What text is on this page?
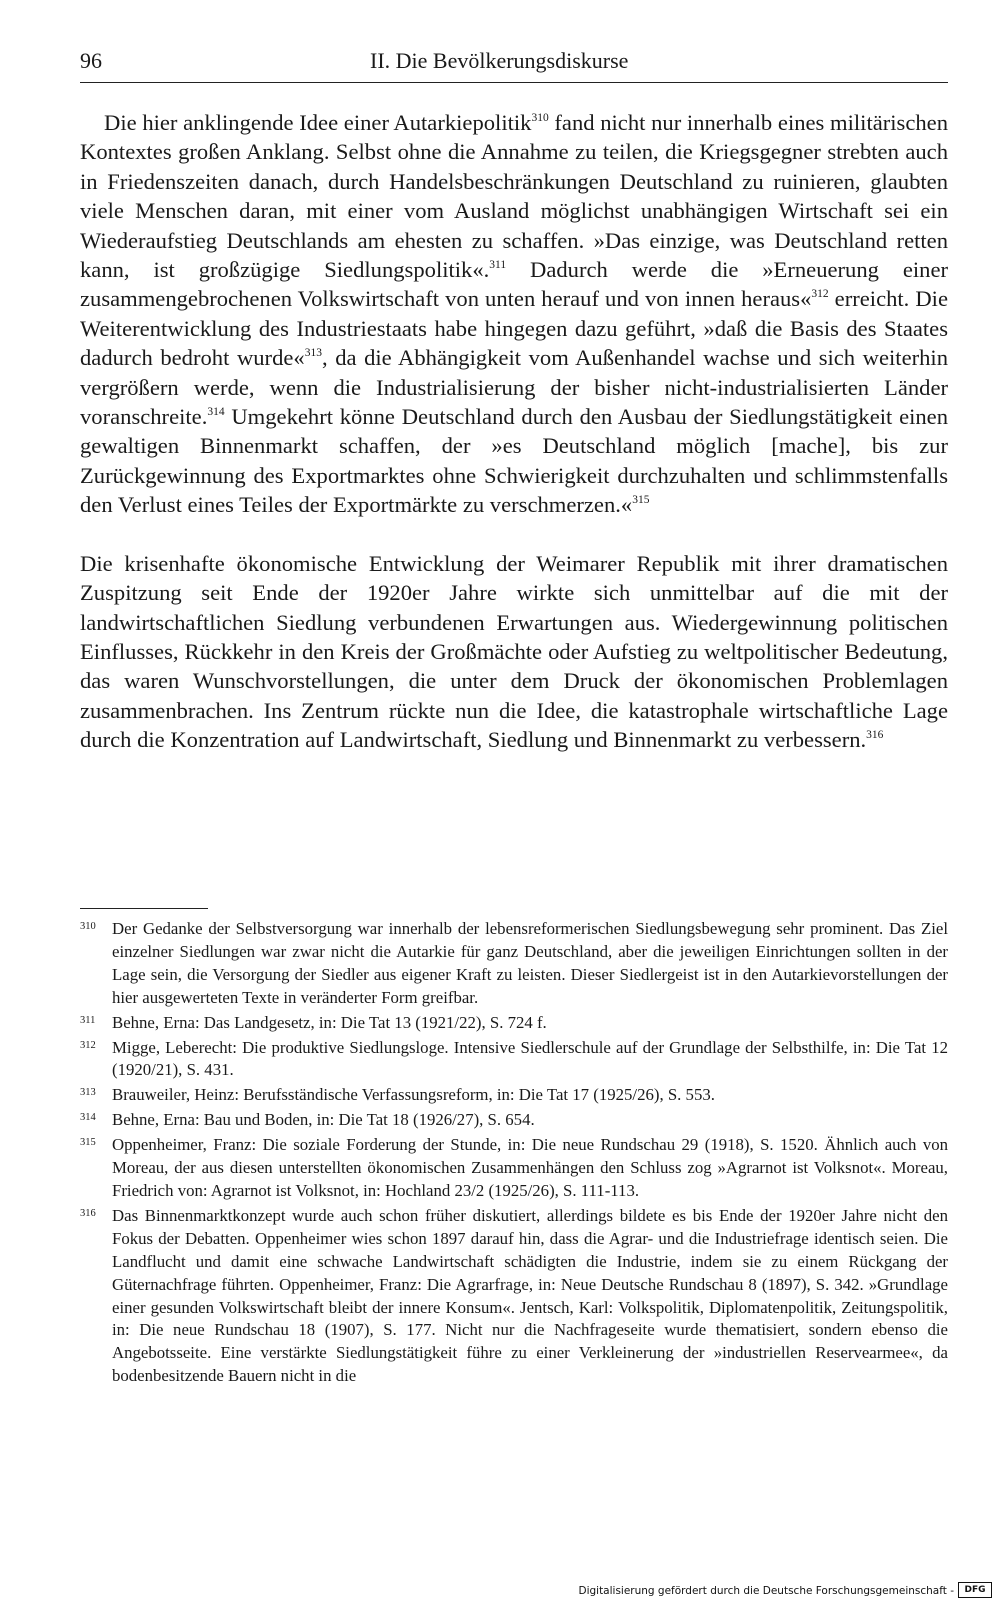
96	II. Die Bevölkerungsdiskurse

Die hier anklingende Idee einer Autarkiepolitik$^{310}$ fand nicht nur innerhalb eines militärischen Kontextes großen Anklang. Selbst ohne die Annahme zu teilen, die Kriegsgegner strebten auch in Friedenszeiten danach, durch Handelsbeschränkungen Deutschland zu ruinieren, glaubten viele Menschen daran, mit einer vom Ausland möglichst unabhängigen Wirtschaft sei ein Wiederaufstieg Deutschlands am ehesten zu schaffen. »Das einzige, was Deutschland retten kann, ist großzügige Siedlungspolitik«.$^{311}$ Dadurch werde die »Erneuerung einer zusammengebrochenen Volkswirtschaft von unten herauf und von innen heraus«$^{312}$ erreicht. Die Weiterentwicklung des Industriestaats habe hingegen dazu geführt, »daß die Basis des Staates dadurch bedroht wurde«$^{313}$, da die Abhängigkeit vom Außenhandel wachse und sich weiterhin vergrößern werde, wenn die Industrialisierung der bisher nicht-industrialisierten Länder voranschreite.$^{314}$ Umgekehrt könne Deutschland durch den Ausbau der Siedlungstätigkeit einen gewaltigen Binnenmarkt schaffen, der »es Deutschland möglich [mache], bis zur Zurückgewinnung des Exportmarktes ohne Schwierigkeit durchzuhalten und schlimmstenfalls den Verlust eines Teiles der Exportmärkte zu verschmerzen.«$^{315}$

Die krisenhafte ökonomische Entwicklung der Weimarer Republik mit ihrer dramatischen Zuspitzung seit Ende der 1920er Jahre wirkte sich unmittelbar auf die mit der landwirtschaftlichen Siedlung verbundenen Erwartungen aus. Wiedergewinnung politischen Einflusses, Rückkehr in den Kreis der Großmächte oder Aufstieg zu weltpolitischer Bedeutung, das waren Wunschvorstellungen, die unter dem Druck der ökonomischen Problemlagen zusammenbrachen. Ins Zentrum rückte nun die Idee, die katastrophale wirtschaftliche Lage durch die Konzentration auf Landwirtschaft, Siedlung und Binnenmarkt zu verbessern.$^{316}$

310 Der Gedanke der Selbstversorgung war innerhalb der lebensreformerischen Siedlungsbewegung sehr prominent. Das Ziel einzelner Siedlungen war zwar nicht die Autarkie für ganz Deutschland, aber die jeweiligen Einrichtungen sollten in der Lage sein, die Versorgung der Siedler aus eigener Kraft zu leisten. Dieser Siedlergeist ist in den Autarkievorstellungen der hier ausgewerteten Texte in veränderter Form greifbar.

311 Behne, Erna: Das Landgesetz, in: Die Tat 13 (1921/22), S. 724 f.

312 Migge, Leberecht: Die produktive Siedlungsloge. Intensive Siedlerschule auf der Grundlage der Selbsthilfe, in: Die Tat 12 (1920/21), S. 431.

313 Brauweiler, Heinz: Berufsständische Verfassungsreform, in: Die Tat 17 (1925/26), S. 553.

314 Behne, Erna: Bau und Boden, in: Die Tat 18 (1926/27), S. 654.

315 Oppenheimer, Franz: Die soziale Forderung der Stunde, in: Die neue Rundschau 29 (1918), S. 1520. Ähnlich auch von Moreau, der aus diesen unterstellten ökonomischen Zusammenhängen den Schluss zog »Agrarnot ist Volksnot«. Moreau, Friedrich von: Agrarnot ist Volksnot, in: Hochland 23/2 (1925/26), S. 111-113.

316 Das Binnenmarktkonzept wurde auch schon früher diskutiert, allerdings bildete es bis Ende der 1920er Jahre nicht den Fokus der Debatten. Oppenheimer wies schon 1897 darauf hin, dass die Agrar- und die Industriefrage identisch seien. Die Landflucht und damit eine schwache Landwirtschaft schädigten die Industrie, indem sie zu einem Rückgang der Güternachfrage führten. Oppenheimer, Franz: Die Agrarfrage, in: Neue Deutsche Rundschau 8 (1897), S. 342. »Grundlage einer gesunden Volkswirtschaft bleibt der innere Konsum«. Jentsch, Karl: Volkspolitik, Diplomatenpolitik, Zeitungspolitik, in: Die neue Rundschau 18 (1907), S. 177. Nicht nur die Nachfrageseite wurde thematisiert, sondern ebenso die Angebotsseite. Eine verstärkte Siedlungstätigkeit führe zu einer Verkleinerung der »industriellen Reservearmee«, da bodenbesitzende Bauern nicht in die

Digitalisierung gefördert durch die Deutsche Forschungsgemeinschaft -	DFG
